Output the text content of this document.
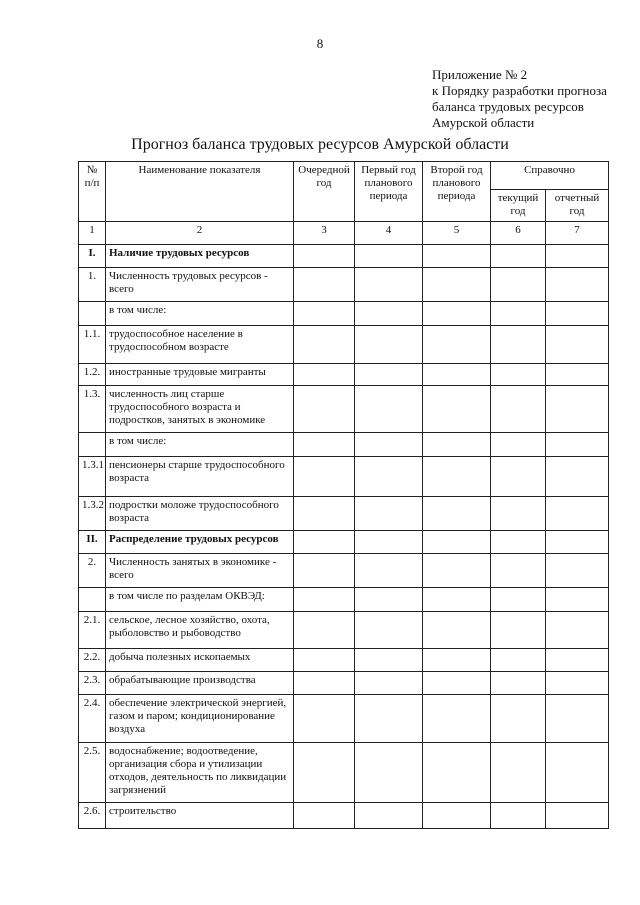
8
Приложение № 2
к Порядку разработки прогноза
баланса трудовых ресурсов
Амурской области
Прогноз баланса трудовых ресурсов Амурской области
№ п/п	Наименование показателя	Очередной год	Первый год планового периода	Второй год планового периода	Справочно	
					текущий год	отчетный год
1	2	3	4	5	6	7
I.	Наличие трудовых ресурсов					
1.	Численность трудовых ресурсов - всего					
	в том числе:					
1.1.	трудоспособное население в трудоспособном возрасте					
1.2.	иностранные трудовые мигранты					
1.3.	численность лиц старше трудоспособного возраста и подростков, занятых в экономике					
	в том числе:					
1.3.1	пенсионеры старше трудоспособного возраста					
1.3.2	подростки моложе трудоспособного возраста					
II.	Распределение трудовых ресурсов					
2.	Численность занятых в экономике - всего					
	в том числе по разделам ОКВЭД:					
2.1.	сельское, лесное хозяйство, охота, рыболовство и рыбоводство					
2.2.	добыча полезных ископаемых					
2.3.	обрабатывающие производства					
2.4.	обеспечение электрической энергией, газом и паром; кондиционирование воздуха					
2.5.	водоснабжение; водоотведение, организация сбора и утилизации отходов, деятельность по ликвидации загрязнений					
2.6.	строительство					
